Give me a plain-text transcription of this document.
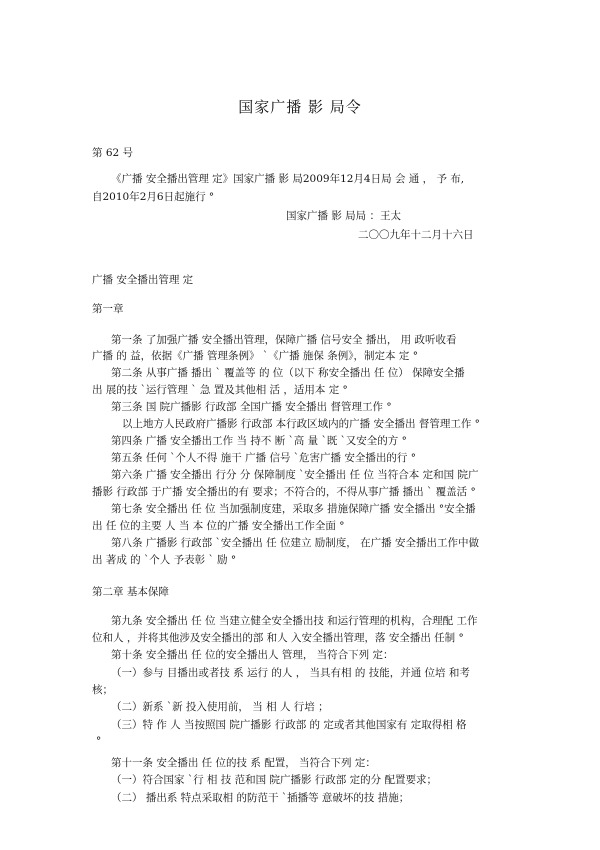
国家广播 影 局令
第 62 号
《广播 安全播出管理 定》国家广播 影 局2009年12月4日局 会 通 ， 予 布,
自2010年2月6日起施行 °
国家广播 影 局局 ：王太
二〇〇九年十二月十六日
广播 安全播出管理 定
第一章
第一条 了加强广播 安全播出管理，保障广播 信号安全 播出， 用 政听收看
广播 的 益，依据《广播 管理条例》 `《广播 施保 条例》，制定本 定 °
第二条 从事广播 播出 ` 覆盖等 的 位（以下 称安全播出 任 位） 保障安全播
出 展的技 `运行管理 ` 急 置及其他相 活 ，适用本 定 °
第三条 国 院广播影 行政部 全国广播 安全播出 督管理工作 °
以上地方人民政府广播影 行政部 本行政区域内的广播 安全播出 督管理工作 °
第四条 广播 安全播出工作 当 持不 断 `高 量 `既 `又安全的方 °
第五条 任何 `个人不得 施干 广播 信号 `危害广播 安全播出的行 °
第六条 广播 安全播出 行分 分 保障制度 `安全播出 任 位 当符合本 定和国 院广
播影 行政部 于广播 安全播出的有 要求；不符合的，不得从事广播 播出 ` 覆盖活 °
第七条 安全播出 任 位 当加强制度建，采取多 措施保障广播 安全播出 °安全播
出 任 位的主要 人 当 本 位的广播 安全播出工作全面 °
第八条 广播影 行政部 `安全播出 任 位建立 励制度， 在广播 安全播出工作中做
出 著成 的 `个人 予表彰 ` 励 °
第二章 基本保障
第九条 安全播出 任 位 当建立健全安全播出技 和运行管理的机构，合理配 工作
位和人 ，并将其他涉及安全播出的部 和人 入安全播出管理，落 安全播出 任制 °
第十条 安全播出 任 位的安全播出人 管理， 当符合下列 定：
（一）参与 目播出或者技 系 运行 的人 ， 当具有相 的 技能，并通 位培 和考
核；
（二）新系 `新 投入使用前， 当 相 人 行培 ；
（三）特 作 人 当按照国 院广播影 行政部 的 定或者其他国家有 定取得相 格
°
第十一条 安全播出 任 位的技 系 配置， 当符合下列 定：
（一）符合国家 `行 相 技 范和国 院广播影 行政部 定的分 配置要求；
（二） 播出系 特点采取相 的防范干 `插播等 意破坏的技 措施；
